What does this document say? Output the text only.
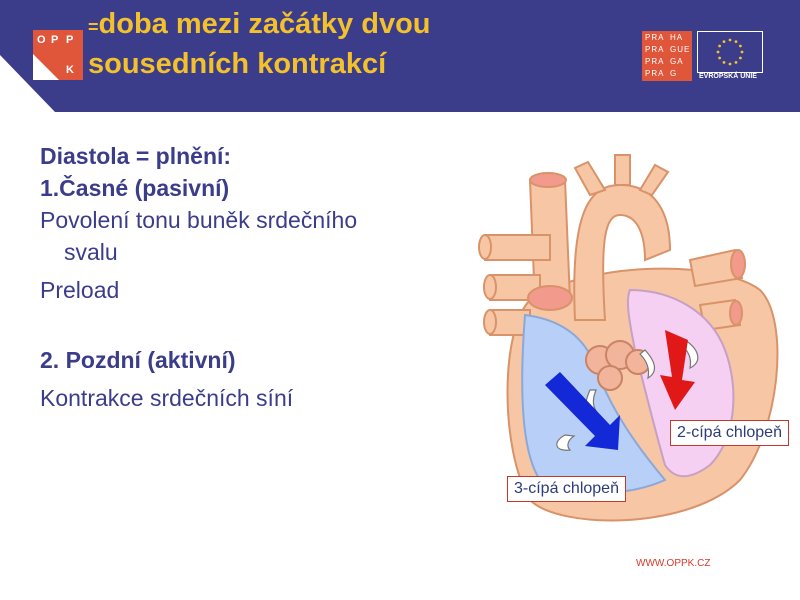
O P P
K
=doba mezi začátky dvou
sousedních kontrakcí
PRA HA
PRA GUE
PRA GA
PRA G	EVROPSKÁ UNIE
Diastola = plnění:
1.Časné (pasivní)
Povolení tonu buněk srdečního
svalu
Preload

2. Pozdní (aktivní)
Kontrakce srdečních síní
2-cípá chlopeň
3-cípá chlopeň
WWW.OPPK.CZ
